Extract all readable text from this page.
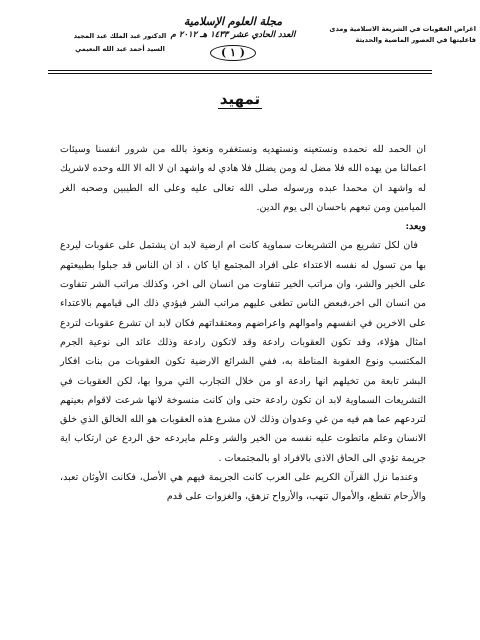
اغراض العقوبات في الشريعة الاسلامية ومدى
فاعليتها في العصور الماضية والحديثة
مجلة العلوم الإسلامية
العدد الحادي عشر ١٤٣٣ هـ ٢٠١٢ م
( ١ )
الدكتور عبد الملك عبد المجيد
السيد أحمد عبد الله النعيمي
تمهيد

ان الحمد لله نحمده ونستعينه ونستهديه ونستغفره ونعوذ بالله من شرور انفسنا وسيئات اعمالنا من يهده الله فلا مضل له ومن يضلل فلا هادي له واشهد ان لا اله الا الله وحده لاشريك له واشهد ان محمدا عبده ورسوله صلى الله تعالى عليه وعلى اله الطيبين وصحبه الغر الميامين ومن تبعهم باحسان الى يوم الدين.

وبعد:

فان لكل تشريع من التشريعات سماوية كانت ام ارضية لابد ان يشتمل على عقوبات ليردع بها من تسول له نفسه الاعتداء على افراد المجتمع ايا كان ، اذ ان الناس قد جبلوا بطبيعتهم على الخير والشر، وان مراتب الخير تتفاوت من انسان الى اخر، وكذلك مراتب الشر تتفاوت من انسان الى اخر،فبعض الناس تطغى عليهم مراتب الشر فيؤدي ذلك الى قيامهم بالاعتداء على الاخرين في انفسهم واموالهم واعراضهم ومعتقداتهم فكان لابد ان تشرع عقوبات لتردع امثال هؤلاء، وقد تكون العقوبات رادعة وقد لاتكون رادعة وذلك عائد الى نوعية الجرم المكتسب ونوع العقوبة المناطة به، ففي الشرائع الارضية تكون العقوبات من بنات افكار البشر تابعة من تخيلهم انها رادعة او من خلال التجارب التي مروا بها، لكن العقوبات في التشريعات السماوية لابد ان تكون رادعة حتى وان كانت منسوخة لانها شرعت لاقوام بعينهم لتردعهم عما هم فيه من غي وعدوان وذلك لان مشرع هذه العقوبات هو الله الخالق الذي خلق الانسان وعلم ماتطوت عليه نفسه من الخير والشر وعلم مايردعه حق الردع عن ارتكاب اية جريمة تؤدي الى الحاق الاذى بالافراد او بالمجتمعات .

وعندما نزل القرآن الكريم على العرب كانت الجريمة فيهم هي الأصل، فكانت الأوثان تعبد، والأرحام تقطع، والأموال تنهب، والأرواح تزهق، والغزوات على قدم
